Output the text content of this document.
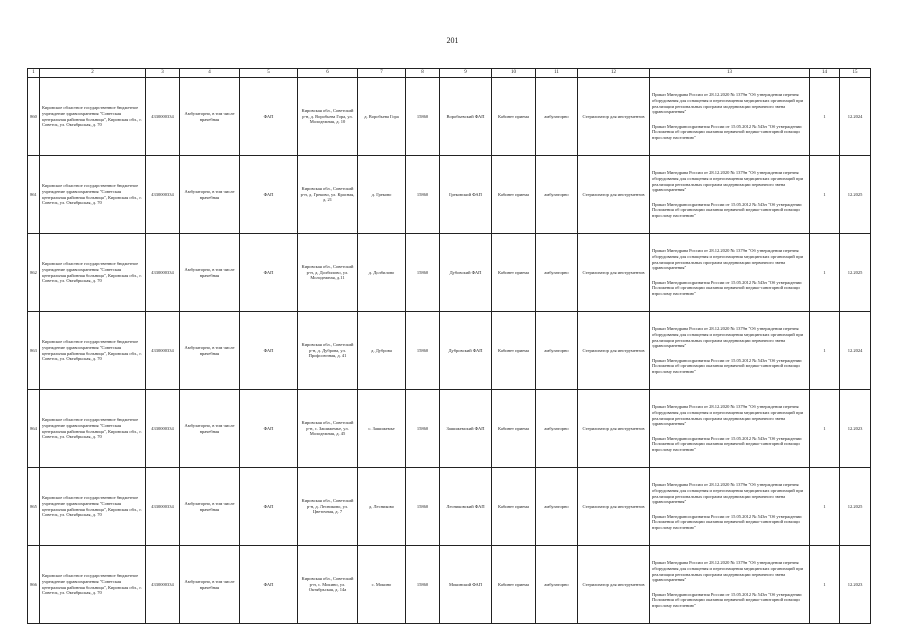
201
1	2	3	4	5	6	7	8	9	10	11	12	13	14	15
860	Кировское областное государственное бюджетное учреждение здравоохранения "Советская центральная районная больница", Кировская обл., г. Советск, ул. Октябрьская, д. 70	4330000334	Амбулаторно, в том числе врачебная	ФАП	Кировская обл., Советский р-н, д. Воробьева Гора, ул. Молодежная, д. 10	д. Воробьева Гора	15860	Воробьевский ФАП	Кабинет приема	амбулаторно	Стерилизатор для инструментов	Приказ Минздрава России от 28.12.2020 № 1379н "Об утверждении перечня оборудования для оснащения и переоснащения медицинских организаций при реализации региональных программ модернизации первичного звена здравоохранения"

Приказ Минздравсоцразвития России от 15.05.2012 № 543н "Об утверждении Положения об организации оказания первичной медико-санитарной помощи взрослому населению"	1	12.2024
861	Кировское областное государственное бюджетное учреждение здравоохранения "Советская центральная районная больница", Кировская обл., г. Советск, ул. Октябрьская, д. 70	4330000334	Амбулаторно, в том числе врачебная	ФАП	Кировская обл., Советский р-н, д. Греково, ул. Красная, д. 21	д. Греково	15860	Грековский ФАП	Кабинет приема	амбулаторно	Стерилизатор для инструментов	Приказ Минздрава России от 28.12.2020 № 1379н "Об утверждении перечня оборудования для оснащения и переоснащения медицинских организаций при реализации региональных программ модернизации первичного звена здравоохранения"

Приказ Минздравсоцразвития России от 15.05.2012 № 543н "Об утверждении Положения об организации оказания первичной медико-санитарной помощи взрослому населению"	1	12.2025
862	Кировское областное государственное бюджетное учреждение здравоохранения "Советская центральная районная больница", Кировская обл., г. Советск, ул. Октябрьская, д. 70	4330000334	Амбулаторно, в том числе врачебная	ФАП	Кировская обл., Советский р-н, д. Долбилово, ул. Молодежная, д.11	д. Долбилово	15860	Дубовский ФАП	Кабинет приема	амбулаторно	Стерилизатор для инструментов	Приказ Минздрава России от 28.12.2020 № 1379н "Об утверждении перечня оборудования для оснащения и переоснащения медицинских организаций при реализации региональных программ модернизации первичного звена здравоохранения"

Приказ Минздравсоцразвития России от 15.05.2012 № 543н "Об утверждении Положения об организации оказания первичной медико-санитарной помощи взрослому населению"	1	12.2025
863	Кировское областное государственное бюджетное учреждение здравоохранения "Советская центральная районная больница", Кировская обл., г. Советск, ул. Октябрьская, д. 70	4330000334	Амбулаторно, в том числе врачебная	ФАП	Кировская обл., Советский р-н, д. Дуброва, ул. Профсоюзная, д. 41	д. Дуброва	15860	Дубровский ФАП	Кабинет приема	амбулаторно	Стерилизатор для инструментов	Приказ Минздрава России от 28.12.2020 № 1379н "Об утверждении перечня оборудования для оснащения и переоснащения медицинских организаций при реализации региональных программ модернизации первичного звена здравоохранения"

Приказ Минздравсоцразвития России от 15.05.2012 № 543н "Об утверждении Положения об организации оказания первичной медико-санитарной помощи взрослому населению"	1	12.2024
864	Кировское областное государственное бюджетное учреждение здравоохранения "Советская центральная районная больница", Кировская обл., г. Советск, ул. Октябрьская, д. 70	4330000334	Амбулаторно, в том числе врачебная	ФАП	Кировская обл., Советский р-н, с. Зашижемье, ул. Молодежная, д. 45	с. Зашижемье	15860	Зашижемский ФАП	Кабинет приема	амбулаторно	Стерилизатор для инструментов	Приказ Минздрава России от 28.12.2020 № 1379н "Об утверждении перечня оборудования для оснащения и переоснащения медицинских организаций при реализации региональных программ модернизации первичного звена здравоохранения"

Приказ Минздравсоцразвития России от 15.05.2012 № 543н "Об утверждении Положения об организации оказания первичной медико-санитарной помощи взрослому населению"	1	12.2023
865	Кировское областное государственное бюджетное учреждение здравоохранения "Советская центральная районная больница", Кировская обл., г. Советск, ул. Октябрьская, д. 70	4330000334	Амбулаторно, в том числе врачебная	ФАП	Кировская обл., Советский р-н, д. Лесниково, ул. Цветочная, д. 7	д. Лесниково	15860	Лесниковский ФАП	Кабинет приема	амбулаторно	Стерилизатор для инструментов	Приказ Минздрава России от 28.12.2020 № 1379н "Об утверждении перечня оборудования для оснащения и переоснащения медицинских организаций при реализации региональных программ модернизации первичного звена здравоохранения"

Приказ Минздравсоцразвития России от 15.05.2012 № 543н "Об утверждении Положения об организации оказания первичной медико-санитарной помощи взрослому населению"	1	12.2025
866	Кировское областное государственное бюджетное учреждение здравоохранения "Советская центральная районная больница", Кировская обл., г. Советск, ул. Октябрьская, д. 70	4330000334	Амбулаторно, в том числе врачебная	ФАП	Кировская обл., Советский р-н, с. Мокино, ул. Октябрьская, д. 14а	с. Мокино	15860	Мокинский ФАП	Кабинет приема	амбулаторно	Стерилизатор для инструментов	Приказ Минздрава России от 28.12.2020 № 1379н "Об утверждении перечня оборудования для оснащения и переоснащения медицинских организаций при реализации региональных программ модернизации первичного звена здравоохранения"

Приказ Минздравсоцразвития России от 15.05.2012 № 543н "Об утверждении Положения об организации оказания первичной медико-санитарной помощи взрослому населению"	1	12.2023
